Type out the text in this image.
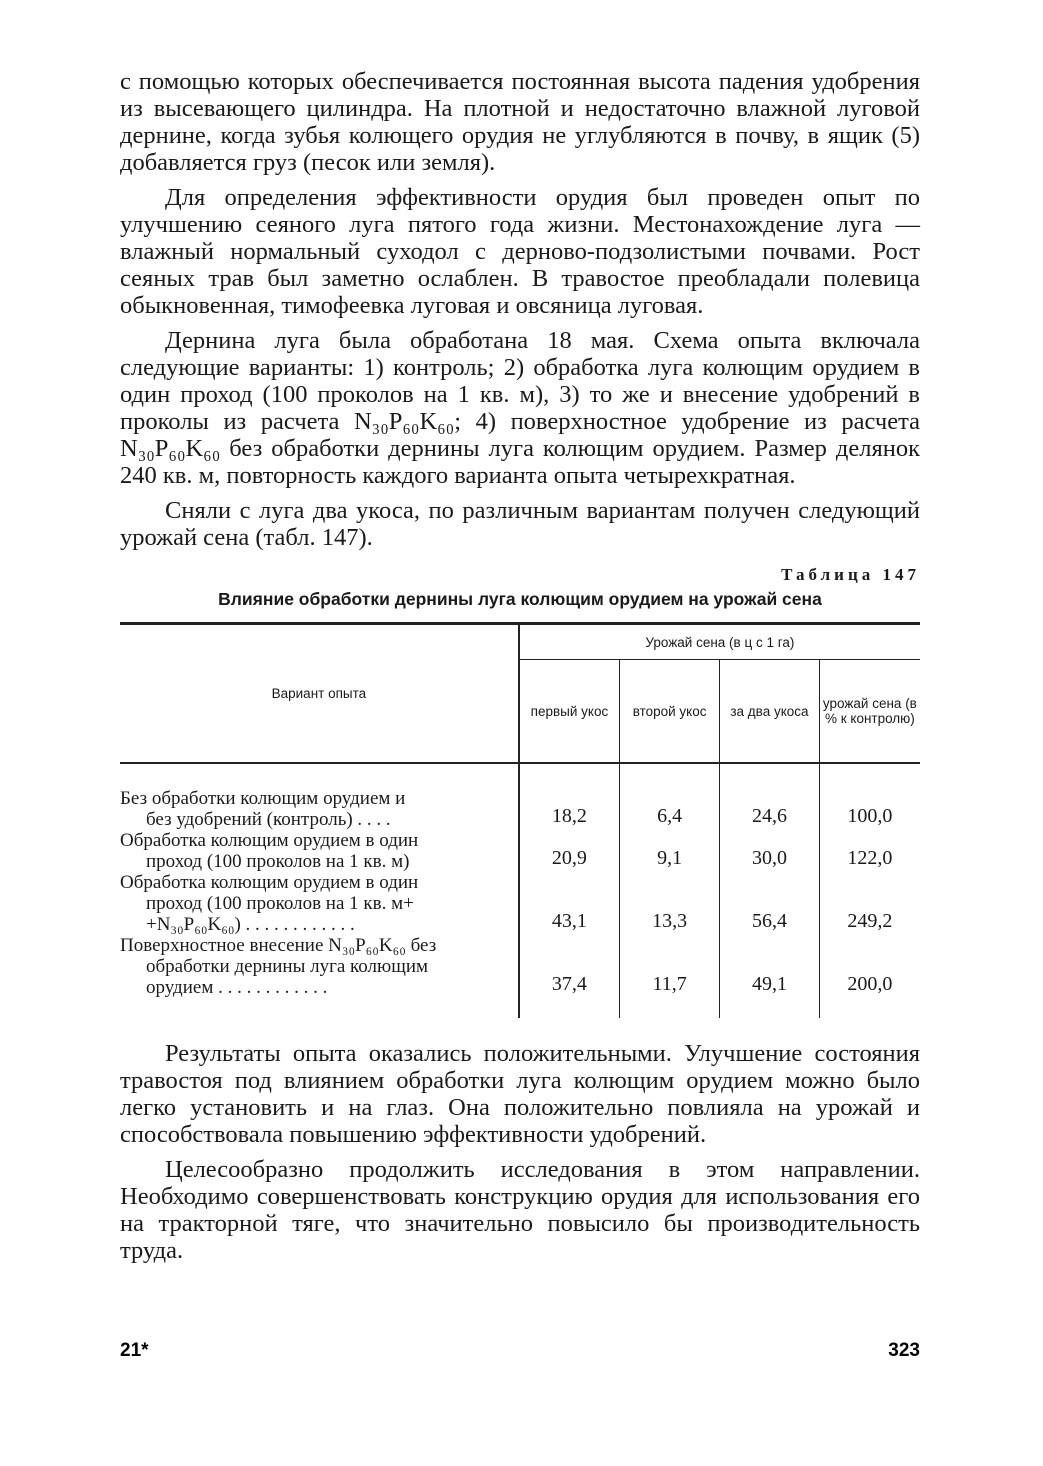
с помощью которых обеспечивается постоянная высота падения удобрения из высевающего цилиндра. На плотной и недостаточно влажной луговой дернине, когда зубья колющего орудия не углубляются в почву, в ящик (5) добавляется груз (песок или земля).

Для определения эффективности орудия был проведен опыт по улучшению сеяного луга пятого года жизни. Местонахождение луга — влажный нормальный суходол с дерново-подзолистыми почвами. Рост сеяных трав был заметно ослаблен. В травостое преобладали полевица обыкновенная, тимофеевка луговая и овсяница луговая.

Дернина луга была обработана 18 мая. Схема опыта включала следующие варианты: 1) контроль; 2) обработка луга колющим орудием в один проход (100 проколов на 1 кв. м), 3) то же и внесение удобрений в проколы из расчета N₃₀P₆₀K₆₀; 4) поверхностное удобрение из расчета N₃₀P₆₀K₆₀ без обработки дернины луга колющим орудием. Размер делянок 240 кв. м, повторность каждого варианта опыта четырехкратная.

Сняли с луга два укоса, по различным вариантам получен следующий урожай сена (табл. 147).

Таблица 147
Влияние обработки дернины луга колющим орудием на урожай сена
Вариант опыта	Урожай сена (в ц с 1 га)			
	первый укос	второй укос	за два укоса	урожай сена (в % к контролю)

Без обработки колющим орудием и
без удобрений (контроль) . . . .	18,2	6,4	24,6	100,0

Обработка колющим орудием в один
проход (100 проколов на 1 кв. м)	20,9	9,1	30,0	122,0

Обработка колющим орудием в один
проход (100 проколов на 1 кв. м+
+N₃₀P₆₀K₆₀) . . . . . . . . . . . .	43,1	13,3	56,4	249,2

Поверхностное внесение N₃₀P₆₀K₆₀ без
обработки дернины луга колющим
орудием . . . . . . . . . . . .	37,4	11,7	49,1	200,0

Результаты опыта оказались положительными. Улучшение состояния травостоя под влиянием обработки луга колющим орудием можно было легко установить и на глаз. Она положительно повлияла на урожай и способствовала повышению эффективности удобрений.

Целесообразно продолжить исследования в этом направлении. Необходимо совершенствовать конструкцию орудия для использования его на тракторной тяге, что значительно повысило бы производительность труда.

21*	323
